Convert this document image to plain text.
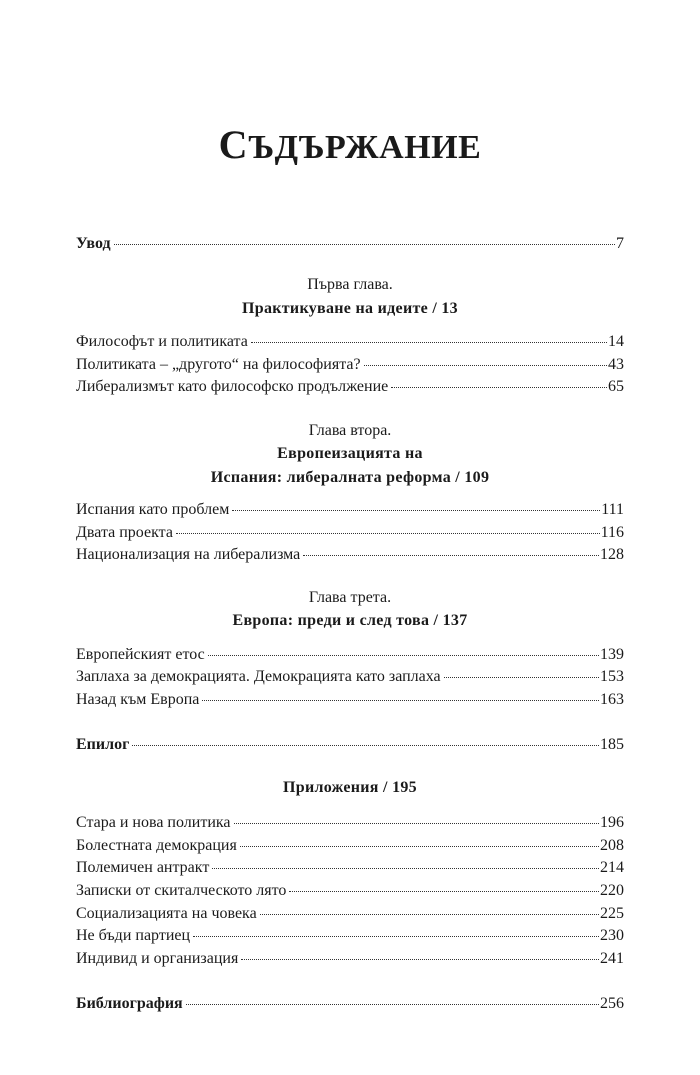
СЪДЪРЖАНИЕ
Увод	7

Първа глава.

Практикуване на идеите / 13

Философът и политиката	14
Политиката – „другото“ на философията?	43
Либерализмът като философско продължение	65

Глава втора.

Европеизацията на

Испания: либералната реформа / 109

Испания като проблем	111
Двата проекта	116
Национализация на либерализма	128

Глава трета.

Европа: преди и след това / 137

Европейският етос	139
Заплаха за демокрацията. Демокрацията като заплаха	153
Назад към Европа	163
Епилог	185

Приложения / 195

Стара и нова политика	196
Болестната демокрация	208
Полемичен антракт	214
Записки от скиталческото лято	220
Социализацията на човека	225
Не бъди партиец	230
Индивид и организация	241
Библиография	256
